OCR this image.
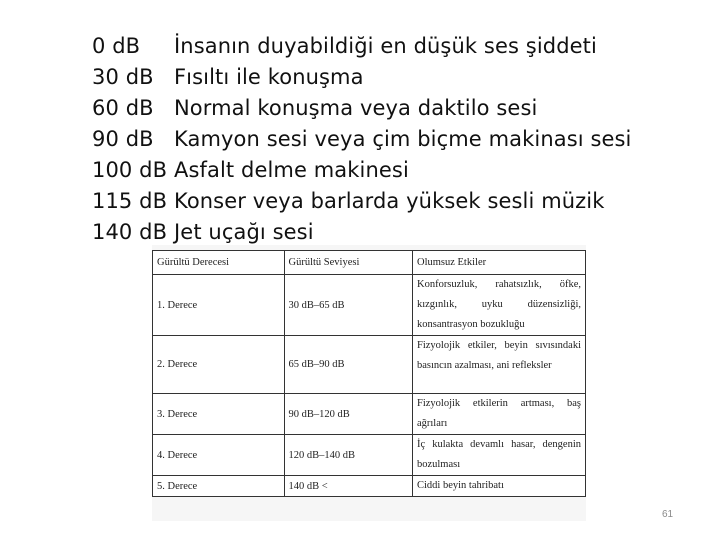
0 dB	İnsanın duyabildiği en düşük ses şiddeti
30 dB Fısıltı ile konuşma
60 dB Normal konuşma veya daktilo sesi
90 dB Kamyon sesi veya çim biçme makinası sesi
100 dB Asfalt delme makinesi
115 dB Konser veya barlarda yüksek sesli müzik
140 dB Jet uçağı sesi
Gürültü Derecesi	Gürültü Seviyesi	Olumsuz Etkiler
1. Derece	30 dB–65 dB	Konforsuzluk, rahatsızlık, öfke, kızgınlık, uyku düzensizliği, konsantrasyon bozukluğu
2. Derece	65 dB–90 dB	Fizyolojik etkiler, beyin sıvısındaki basıncın azalması, ani refleksler
3. Derece	90 dB–120 dB	Fizyolojik etkilerin artması, baş ağrıları
4. Derece	120 dB–140 dB	İç kulakta devamlı hasar, dengenin bozulması
5. Derece	140 dB <	Ciddi beyin tahribatı
61
